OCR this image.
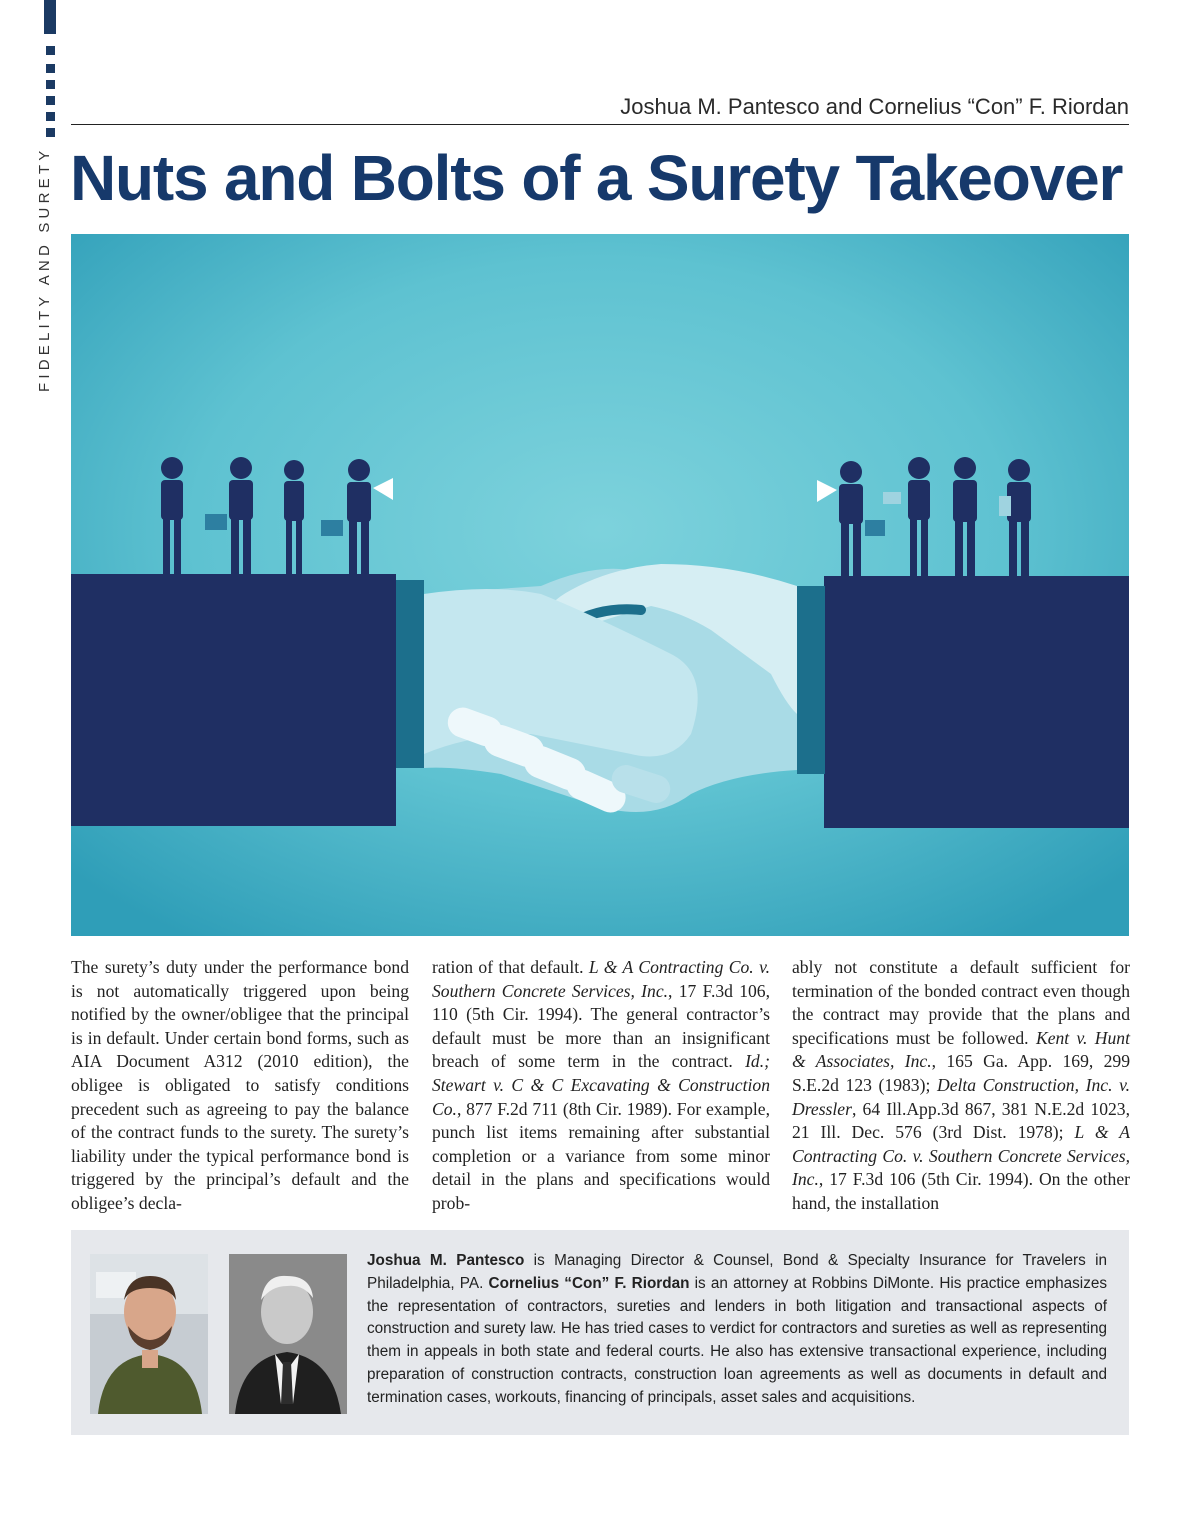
FIDELITY AND SURETY
Joshua M. Pantesco and Cornelius “Con” F. Riordan
Nuts and Bolts of a Surety Takeover

The surety’s duty under the performance bond is not automatically triggered upon being notified by the owner/obligee that the principal is in default. Under certain bond forms, such as AIA Document A312 (2010 edition), the obligee is obligated to satisfy conditions precedent such as agreeing to pay the balance of the contract funds to the surety. The surety’s liability under the typical performance bond is triggered by the principal’s default and the obligee’s decla-

ration of that default. L & A Contracting Co. v. Southern Concrete Services, Inc., 17 F.3d 106, 110 (5th Cir. 1994). The general contractor’s default must be more than an insignificant breach of some term in the contract. Id.; Stewart v. C & C Excavating & Construction Co., 877 F.2d 711 (8th Cir. 1989). For example, punch list items remaining after substantial completion or a variance from some minor detail in the plans and specifications would prob-

ably not constitute a default sufficient for termination of the bonded contract even though the contract may provide that the plans and specifications must be followed. Kent v. Hunt & Associates, Inc., 165 Ga. App. 169, 299 S.E.2d 123 (1983); Delta Construction, Inc. v. Dressler, 64 Ill.App.3d 867, 381 N.E.2d 1023, 21 Ill. Dec. 576 (3rd Dist. 1978); L & A Contracting Co. v. Southern Concrete Services, Inc., 17 F.3d 106 (5th Cir. 1994). On the other hand, the installation

Joshua M. Pantesco is Managing Director & Counsel, Bond & Specialty Insurance for Travelers in Philadelphia, PA. Cornelius “Con” F. Riordan is an attorney at Robbins DiMonte. His practice emphasizes the representation of contractors, sureties and lenders in both litigation and transactional aspects of construction and surety law. He has tried cases to verdict for contractors and sureties as well as representing them in appeals in both state and federal courts. He also has extensive transactional experience, including preparation of construction contracts, construction loan agreements as well as documents in default and termination cases, workouts, financing of principals, asset sales and acquisitions.
